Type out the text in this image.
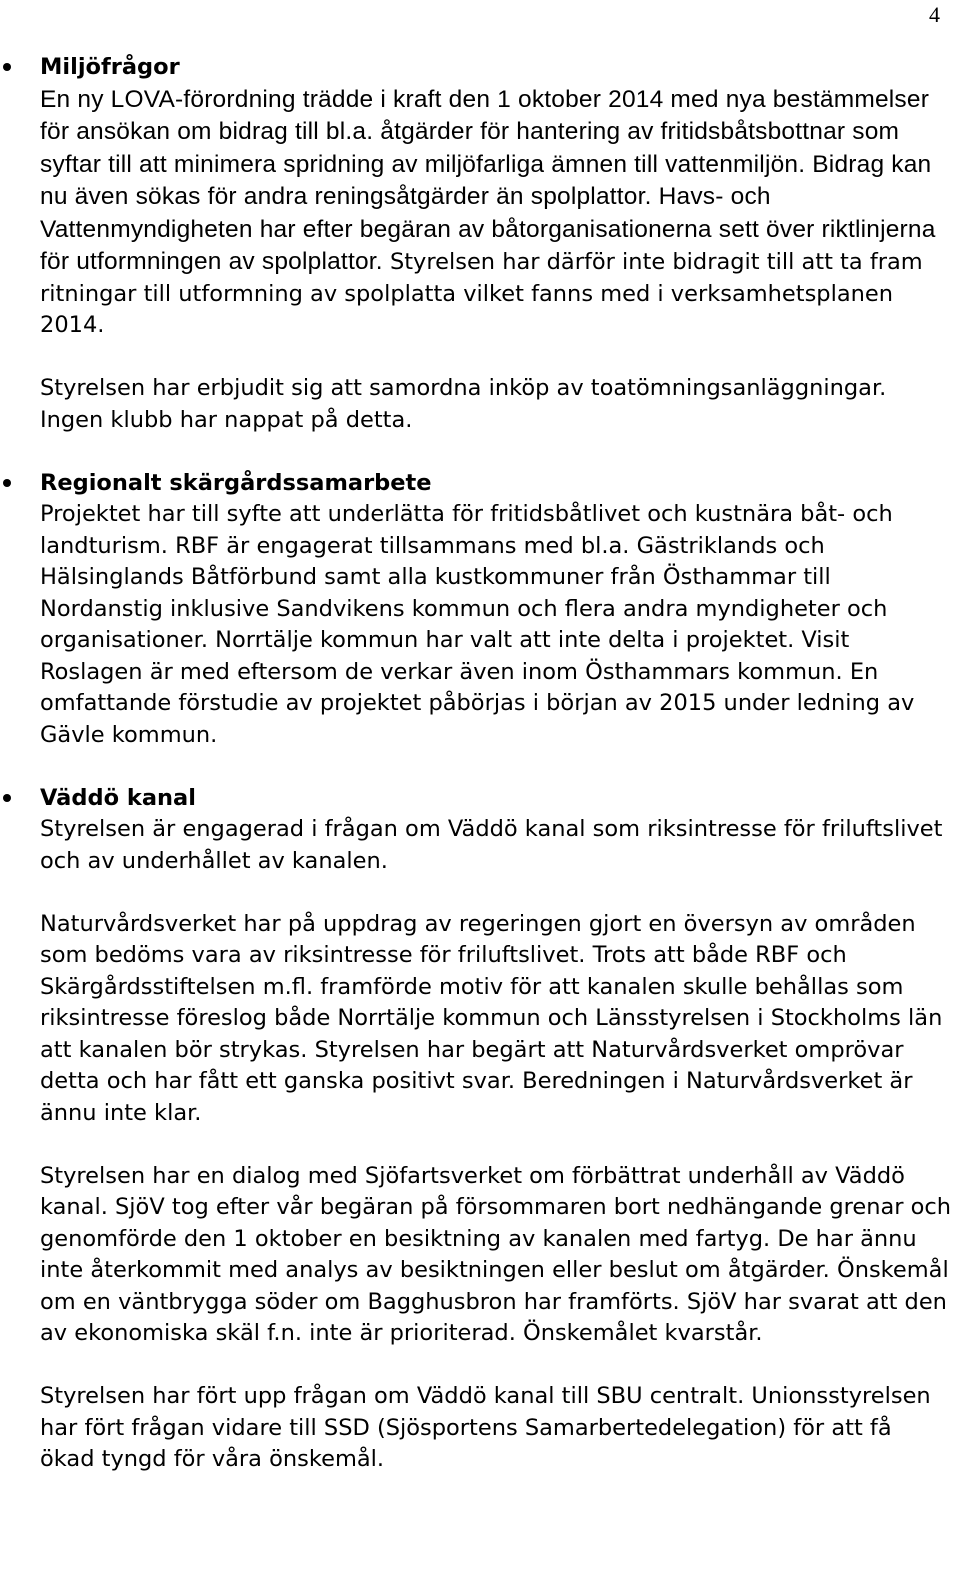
4

Miljöfrågor

En ny LOVA-förordning trädde i kraft den 1 oktober 2014 med nya bestämmelser för ansökan om bidrag till bl.a. åtgärder för hantering av fritidsbåtsbottnar som syftar till att minimera spridning av miljöfarliga ämnen till vattenmiljön. Bidrag kan nu även sökas för andra reningsåtgärder än spolplattor. Havs- och Vattenmyndigheten har efter begäran av båtorganisationerna sett över riktlinjerna för utformningen av spolplattor. Styrelsen har därför inte bidragit till att ta fram ritningar till utformning av spolplatta vilket fanns med i verksamhetsplanen 2014.

Styrelsen har erbjudit sig att samordna inköp av toatömningsanläggningar. Ingen klubb har nappat på detta.

Regionalt skärgårdssamarbete

Projektet har till syfte att underlätta för fritidsbåtlivet och kustnära båt- och landturism. RBF är engagerat tillsammans med bl.a. Gästriklands och Hälsinglands Båtförbund samt alla kustkommuner från Östhammar till Nordanstig inklusive Sandvikens kommun och flera andra myndigheter och organisationer. Norrtälje kommun har valt att inte delta i projektet. Visit Roslagen är med eftersom de verkar även inom Östhammars kommun. En omfattande förstudie av projektet påbörjas i början av 2015 under ledning av Gävle kommun.

Väddö kanal

Styrelsen är engagerad i frågan om Väddö kanal som riksintresse för friluftslivet och av underhållet av kanalen.

Naturvårdsverket har på uppdrag av regeringen gjort en översyn av områden som bedöms vara av riksintresse för friluftslivet. Trots att både RBF och Skärgårdsstiftelsen m.fl. framförde motiv för att kanalen skulle behållas som riksintresse föreslog både Norrtälje kommun och Länsstyrelsen i Stockholms län att kanalen bör strykas. Styrelsen har begärt att Naturvårdsverket omprövar detta och har fått ett ganska positivt svar. Beredningen i Naturvårdsverket är ännu inte klar.

Styrelsen har en dialog med Sjöfartsverket om förbättrat underhåll av Väddö kanal. SjöV tog efter vår begäran på försommaren bort nedhängande grenar och genomförde den 1 oktober en besiktning av kanalen med fartyg. De har ännu inte återkommit med analys av besiktningen eller beslut om åtgärder. Önskemål om en väntbrygga söder om Bagghusbron har framförts. SjöV har svarat att den av ekonomiska skäl f.n. inte är prioriterad. Önskemålet kvarstår.

Styrelsen har fört upp frågan om Väddö kanal till SBU centralt. Unionsstyrelsen har fört frågan vidare till SSD (Sjösportens Samarbertedelegation) för att få ökad tyngd för våra önskemål.
